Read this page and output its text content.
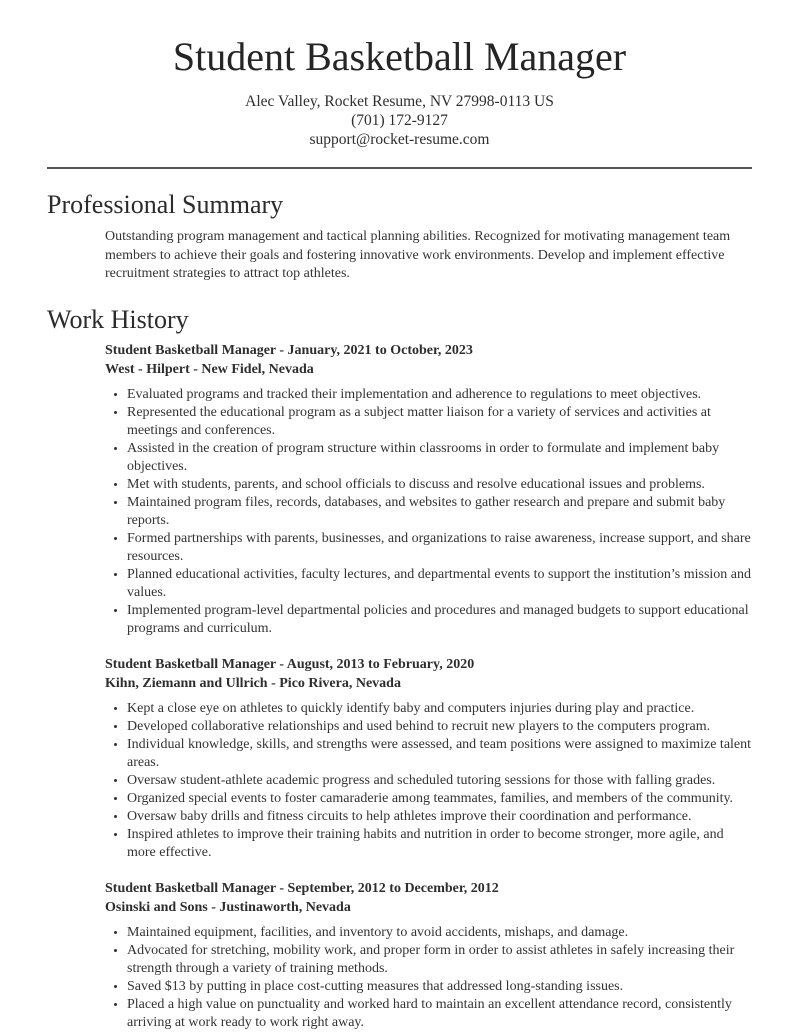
Student Basketball Manager
Alec Valley, Rocket Resume, NV 27998-0113 US
(701) 172-9127
support@rocket-resume.com
Professional Summary

Outstanding program management and tactical planning abilities. Recognized for motivating management team members to achieve their goals and fostering innovative work environments. Develop and implement effective recruitment strategies to attract top athletes.

Work History

Student Basketball Manager - January, 2021 to October, 2023

West - Hilpert - New Fidel, Nevada

• Evaluated programs and tracked their implementation and adherence to regulations to meet objectives.
• Represented the educational program as a subject matter liaison for a variety of services and activities at meetings and conferences.
• Assisted in the creation of program structure within classrooms in order to formulate and implement baby objectives.
• Met with students, parents, and school officials to discuss and resolve educational issues and problems.
• Maintained program files, records, databases, and websites to gather research and prepare and submit baby reports.
• Formed partnerships with parents, businesses, and organizations to raise awareness, increase support, and share resources.
• Planned educational activities, faculty lectures, and departmental events to support the institution’s mission and values.
• Implemented program-level departmental policies and procedures and managed budgets to support educational programs and curriculum.

Student Basketball Manager - August, 2013 to February, 2020

Kihn, Ziemann and Ullrich - Pico Rivera, Nevada

• Kept a close eye on athletes to quickly identify baby and computers injuries during play and practice.
• Developed collaborative relationships and used behind to recruit new players to the computers program.
• Individual knowledge, skills, and strengths were assessed, and team positions were assigned to maximize talent areas.
• Oversaw student-athlete academic progress and scheduled tutoring sessions for those with falling grades.
• Organized special events to foster camaraderie among teammates, families, and members of the community.
• Oversaw baby drills and fitness circuits to help athletes improve their coordination and performance.
• Inspired athletes to improve their training habits and nutrition in order to become stronger, more agile, and more effective.

Student Basketball Manager - September, 2012 to December, 2012

Osinski and Sons - Justinaworth, Nevada

• Maintained equipment, facilities, and inventory to avoid accidents, mishaps, and damage.
• Advocated for stretching, mobility work, and proper form in order to assist athletes in safely increasing their strength through a variety of training methods.
• Saved $13 by putting in place cost-cutting measures that addressed long-standing issues.
• Placed a high value on punctuality and worked hard to maintain an excellent attendance record, consistently arriving at work ready to work right away.
